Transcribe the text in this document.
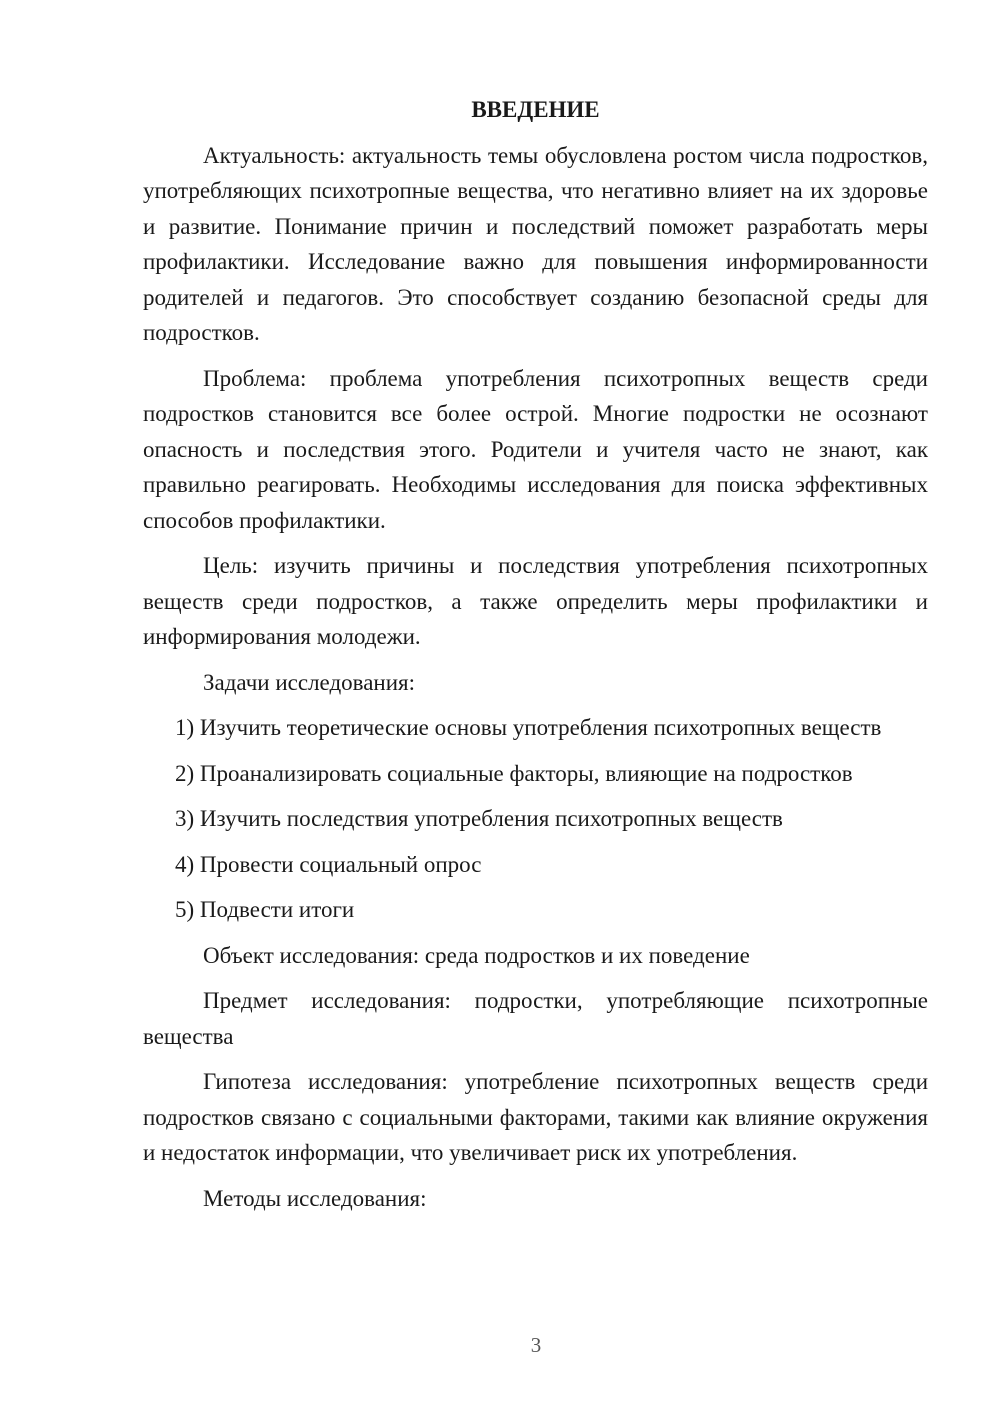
ВВЕДЕНИЕ

Актуальность: актуальность темы обусловлена ростом числа подростков, употребляющих психотропные вещества, что негативно влияет на их здоровье и развитие. Понимание причин и последствий поможет разработать меры профилактики. Исследование важно для повышения информированности родителей и педагогов. Это способствует созданию безопасной среды для подростков.

Проблема: проблема употребления психотропных веществ среди подростков становится все более острой. Многие подростки не осознают опасность и последствия этого. Родители и учителя часто не знают, как правильно реагировать. Необходимы исследования для поиска эффективных способов профилактики.

Цель: изучить причины и последствия употребления психотропных веществ среди подростков, а также определить меры профилактики и информирования молодежи.

Задачи исследования:

1) Изучить теоретические основы употребления психотропных веществ

2) Проанализировать социальные факторы, влияющие на подростков

3) Изучить последствия употребления психотропных веществ

4) Провести социальный опрос

5) Подвести итоги

Объект исследования: среда подростков и их поведение

Предмет исследования: подростки, употребляющие психотропные вещества

Гипотеза исследования: употребление психотропных веществ среди подростков связано с социальными факторами, такими как влияние окружения и недостаток информации, что увеличивает риск их употребления.

Методы исследования:

3
